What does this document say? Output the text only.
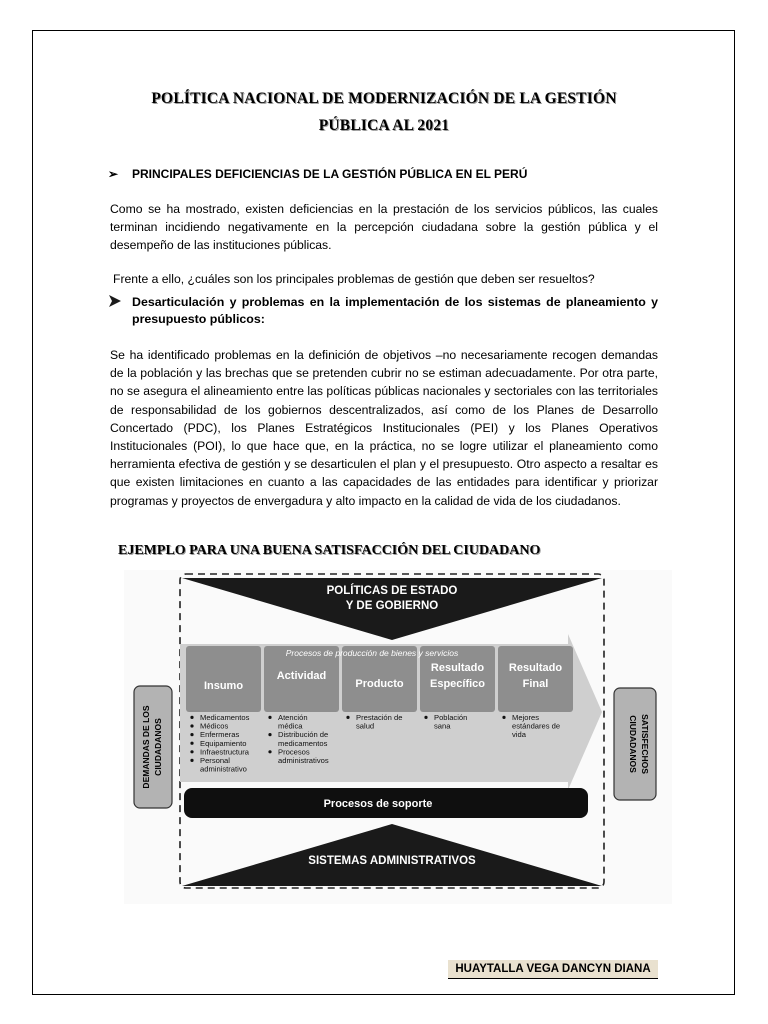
POLÍTICA NACIONAL DE MODERNIZACIÓN DE LA GESTIÓN
PÚBLICA AL 2021
➢	PRINCIPALES DEFICIENCIAS DE LA GESTIÓN PÚBLICA EN EL PERÚ
Como se ha mostrado, existen deficiencias en la prestación de los servicios públicos, las cuales terminan incidiendo negativamente en la percepción ciudadana sobre la gestión pública y el desempeño de las instituciones públicas.
Frente a ello, ¿cuáles son los principales problemas de gestión que deben ser resueltos?
Desarticulación y problemas en la implementación de los sistemas de planeamiento y presupuesto públicos:
Se ha identificado problemas en la definición de objetivos –no necesariamente recogen demandas de la población y las brechas que se pretenden cubrir no se estiman adecuadamente. Por otra parte, no se asegura el alineamiento entre las políticas públicas nacionales y sectoriales con las territoriales de responsabilidad de los gobiernos descentralizados, así como de los Planes de Desarrollo Concertado (PDC), los Planes Estratégicos Institucionales (PEI) y los Planes Operativos Institucionales (POI), lo que hace que, en la práctica, no se logre utilizar el planeamiento como herramienta efectiva de gestión y se desarticulen el plan y el presupuesto. Otro aspecto a resaltar es que existen limitaciones en cuanto a las capacidades de las entidades para identificar y priorizar programas y proyectos de envergadura y alto impacto en la calidad de vida de los ciudadanos.
EJEMPLO PARA UNA BUENA SATISFACCIÓN DEL CIUDADANO
POLÍTICAS DE ESTADO
Y DE GOBIERNO
Insumo
Medicamentos
Médicos
Enfermeras
Equipamiento
Infraestructura
Personal
administrativo
Actividad
Atención
médica
Distribución de
medicamentos
Procesos
administrativos
Producto
Prestación de
salud
Resultado
Específico
Población
sana
Resultado
Final
Mejores
estándares de
vida
Procesos de producción de bienes y servicios
DEMANDAS DE LOS CIUDADANOS	CIUDADANOS SATISFECHOS
Procesos de soporte
SISTEMAS ADMINISTRATIVOS
HUAYTALLA VEGA DANCYN DIANA
